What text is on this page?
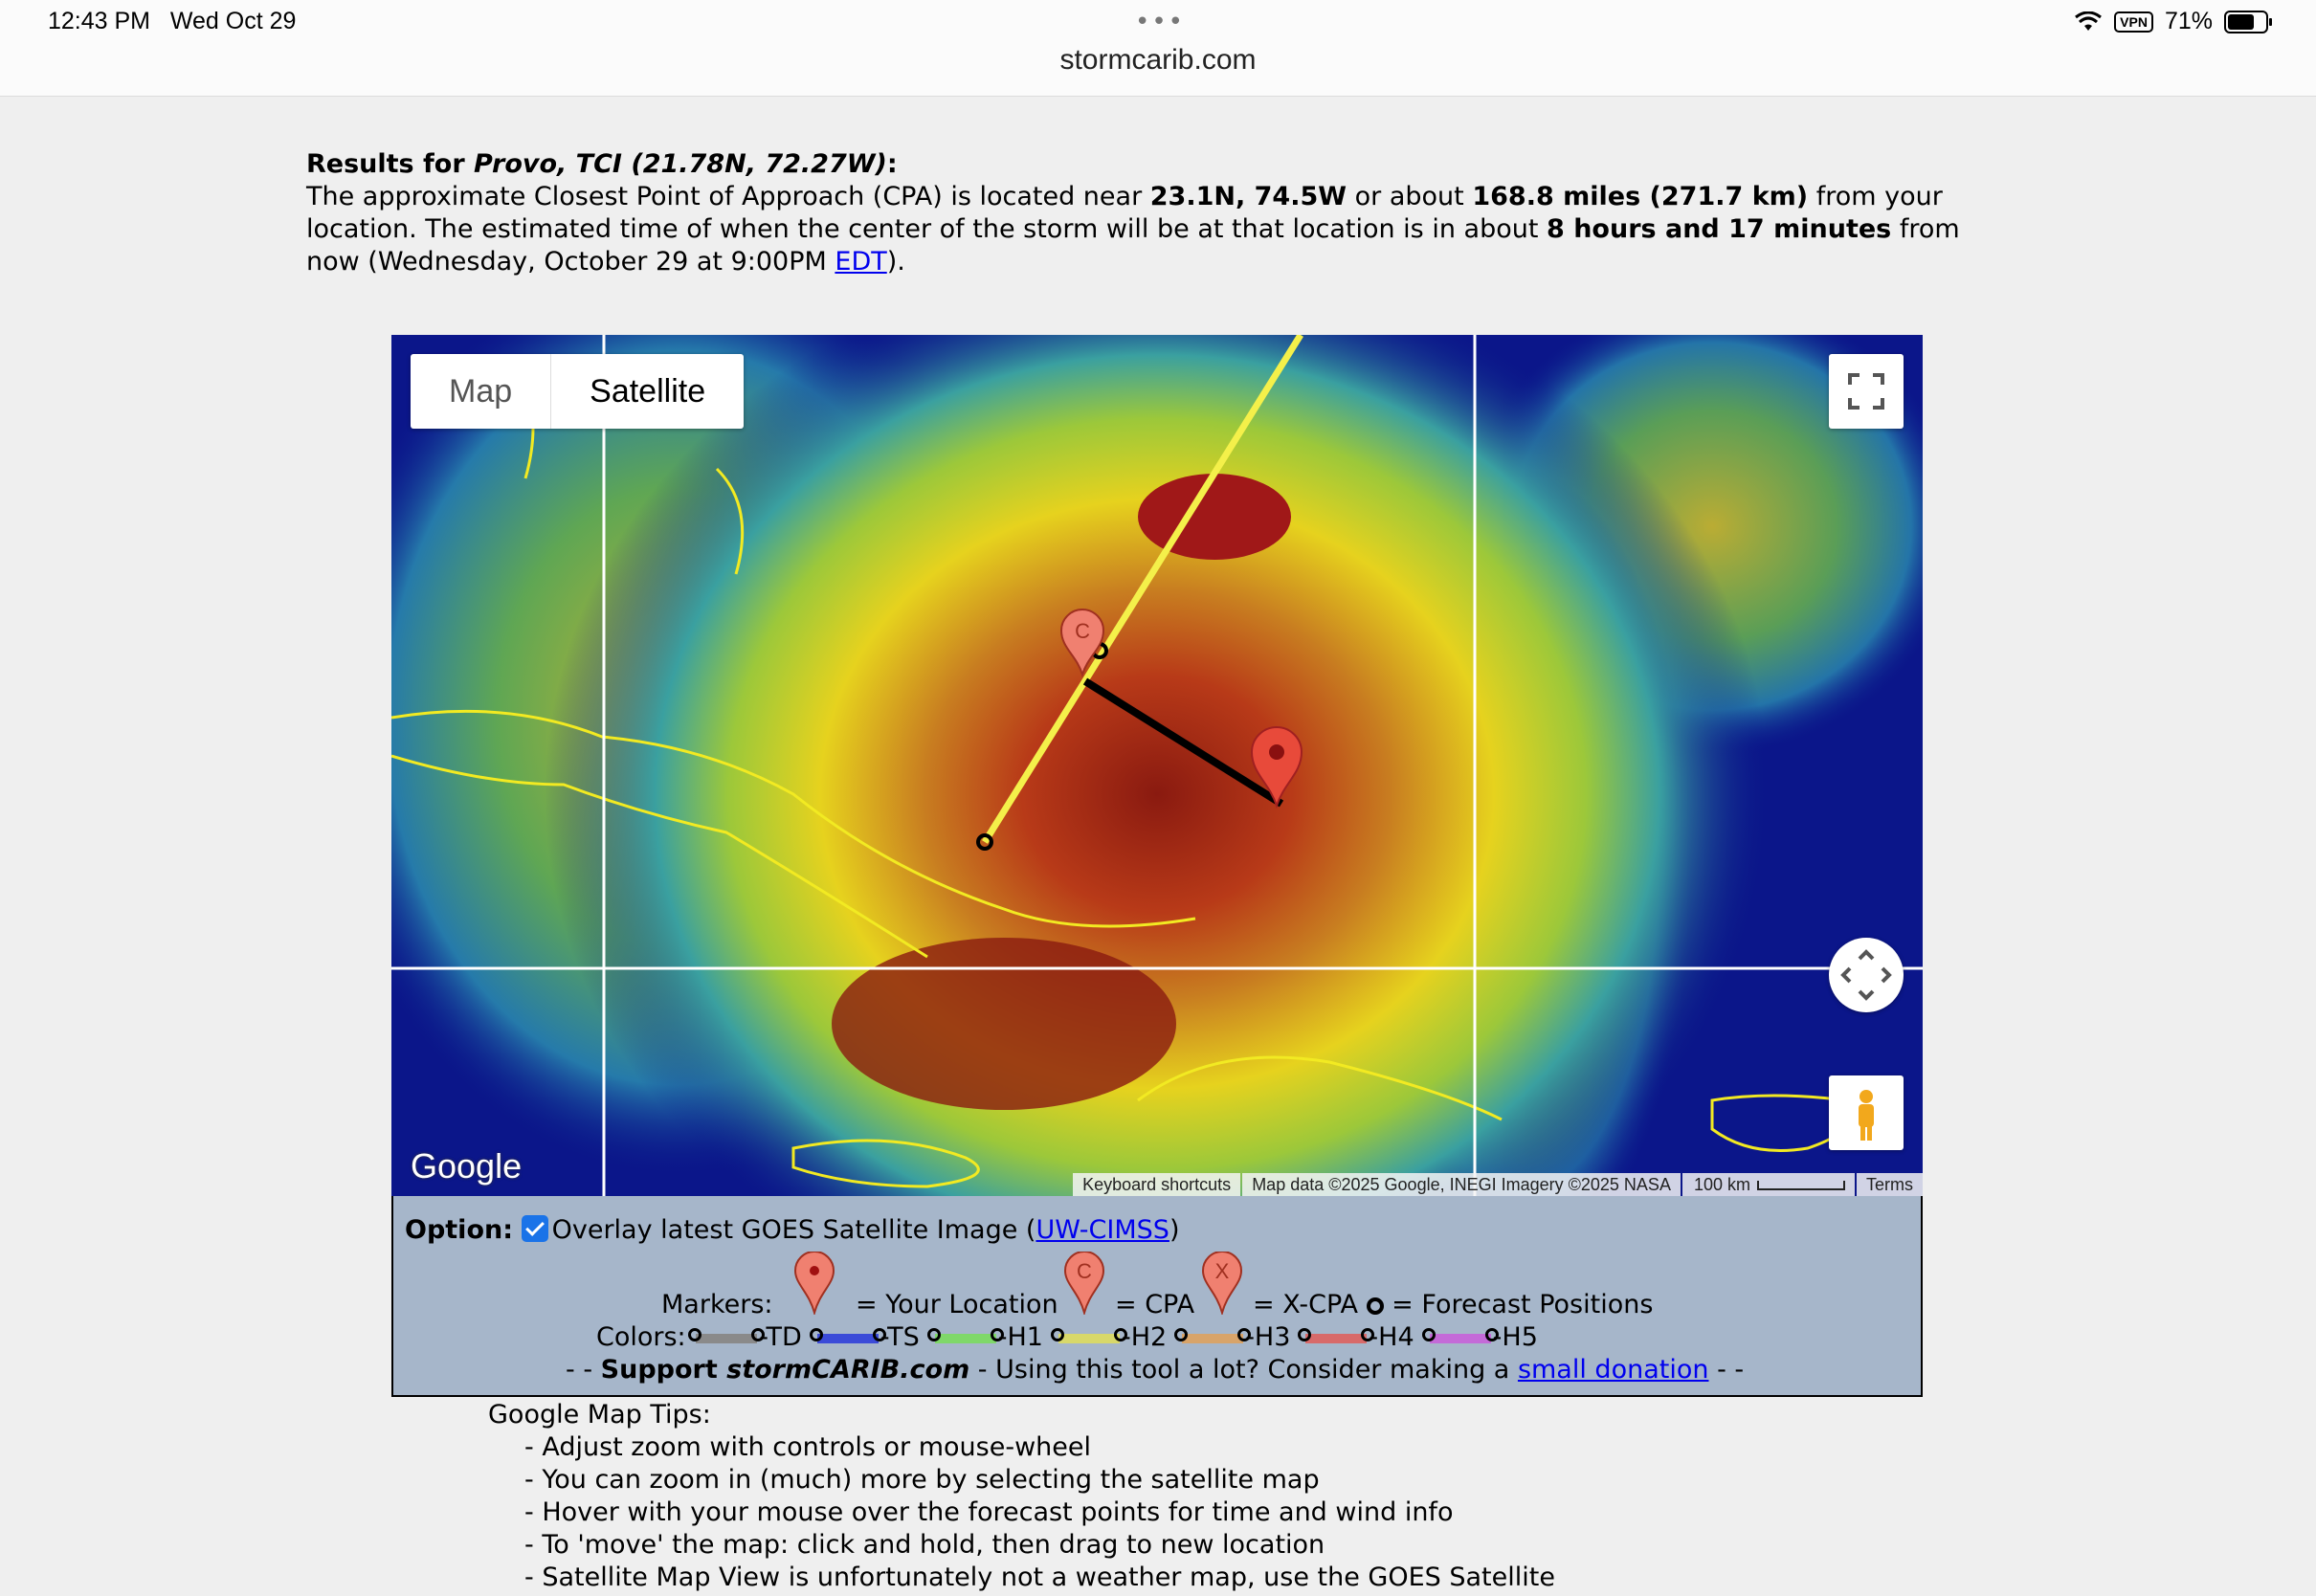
12:43 PM Wed Oct 29	•••
stormcarib.com
VPN 71%
Results for Provo, TCI (21.78N, 72.27W):
The approximate Closest Point of Approach (CPA) is located near 23.1N, 74.5W or about 168.8 miles (271.7 km) from your location. The estimated time of when the center of the storm will be at that location is in about 8 hours and 17 minutes from now (Wednesday, October 29 at 9:00PM EDT).
C
Map	Satellite
Google	Keyboard shortcuts	Map data ©2025 Google, INEGI Imagery ©2025 NASA	100 km	Terms
Option: Overlay latest GOES Satellite Image (UW-CIMSS)
Markers:	= Your Location
C
= CPA
X
= X-CPA = Forecast Positions
Colors:	-TD	-TS	-H1	-H2	-H3	-H4	-H5
- - Support stormCARIB.com - Using this tool a lot? Consider making a small donation - -
Google Map Tips:
- Adjust zoom with controls or mouse-wheel
- You can zoom in (much) more by selecting the satellite map
- Hover with your mouse over the forecast points for time and wind info
- To 'move' the map: click and hold, then drag to new location
- Satellite Map View is unfortunately not a weather map, use the GOES Satellite
